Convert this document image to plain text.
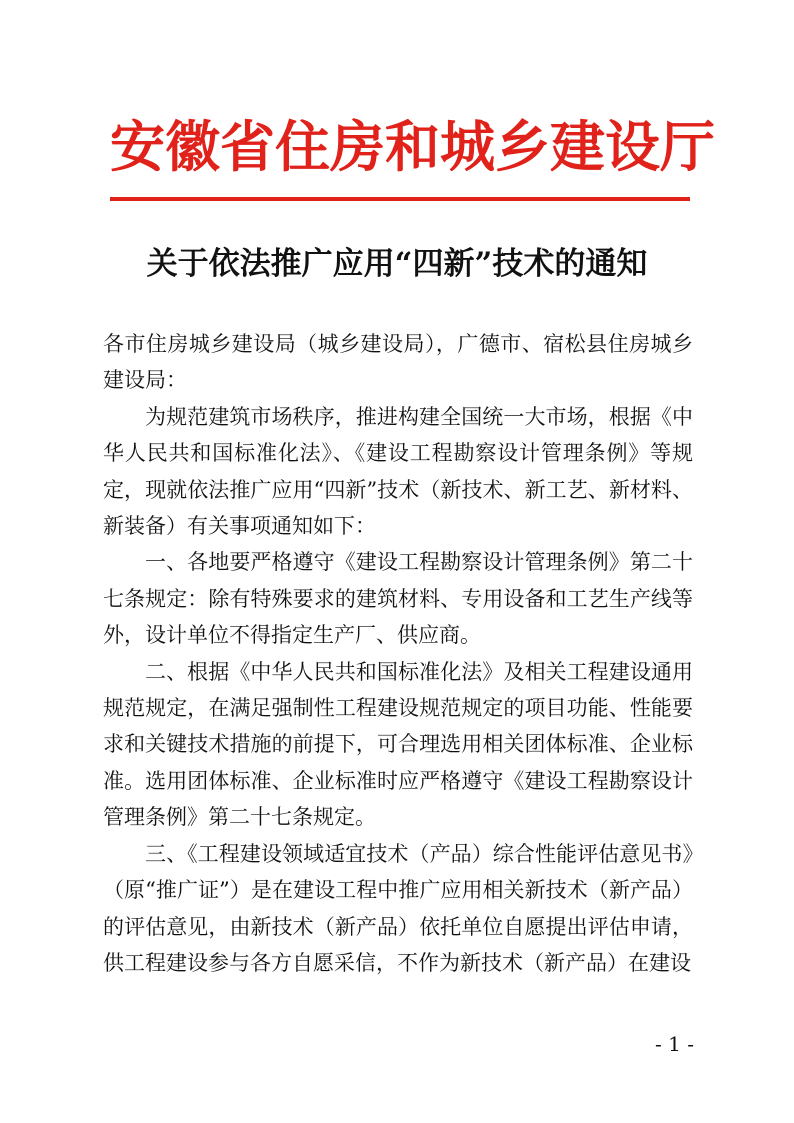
安徽省住房和城乡建设厅
关于依法推广应用“四新”技术的通知

各市住房城乡建设局（城乡建设局），广德市、宿松县住房城乡建设局：

为规范建筑市场秩序，推进构建全国统一大市场，根据《中华人民共和国标准化法》、《建设工程勘察设计管理条例》等规定，现就依法推广应用“四新”技术（新技术、新工艺、新材料、新装备）有关事项通知如下：

一、各地要严格遵守《建设工程勘察设计管理条例》第二十七条规定：除有特殊要求的建筑材料、专用设备和工艺生产线等外，设计单位不得指定生产厂、供应商。

二、根据《中华人民共和国标准化法》及相关工程建设通用规范规定，在满足强制性工程建设规范规定的项目功能、性能要求和关键技术措施的前提下，可合理选用相关团体标准、企业标准。选用团体标准、企业标准时应严格遵守《建设工程勘察设计管理条例》第二十七条规定。

三、《工程建设领域适宜技术（产品）综合性能评估意见书》（原“推广证”）是在建设工程中推广应用相关新技术（新产品）的评估意见，由新技术（新产品）依托单位自愿提出评估申请，供工程建设参与各方自愿采信，不作为新技术（新产品）在建设

- 1 -
